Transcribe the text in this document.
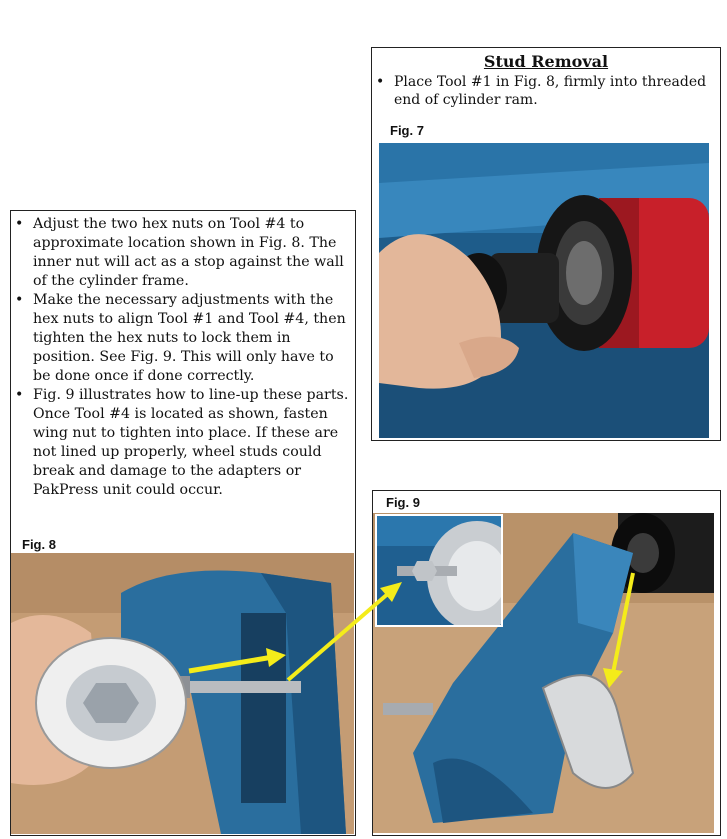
Stud Removal
• Place Tool #1 in Fig. 8, firmly into threaded end of cylinder ram.
Fig. 7
• Adjust the two hex nuts on Tool #4 to approximate location shown in Fig. 8. The inner nut will act as a stop against the wall of the cylinder frame.
• Make the necessary adjustments with the hex nuts to align Tool #1 and Tool #4, then tighten the hex nuts to lock them in position. See Fig. 9. This will only have to be done once if done correctly.
• Fig. 9 illustrates how to line-up these parts. Once Tool #4 is located as shown, fasten wing nut to tighten into place. If these are not lined up properly, wheel studs could break and damage to the adapters or PakPress unit could occur.
Fig. 8
Fig. 9
